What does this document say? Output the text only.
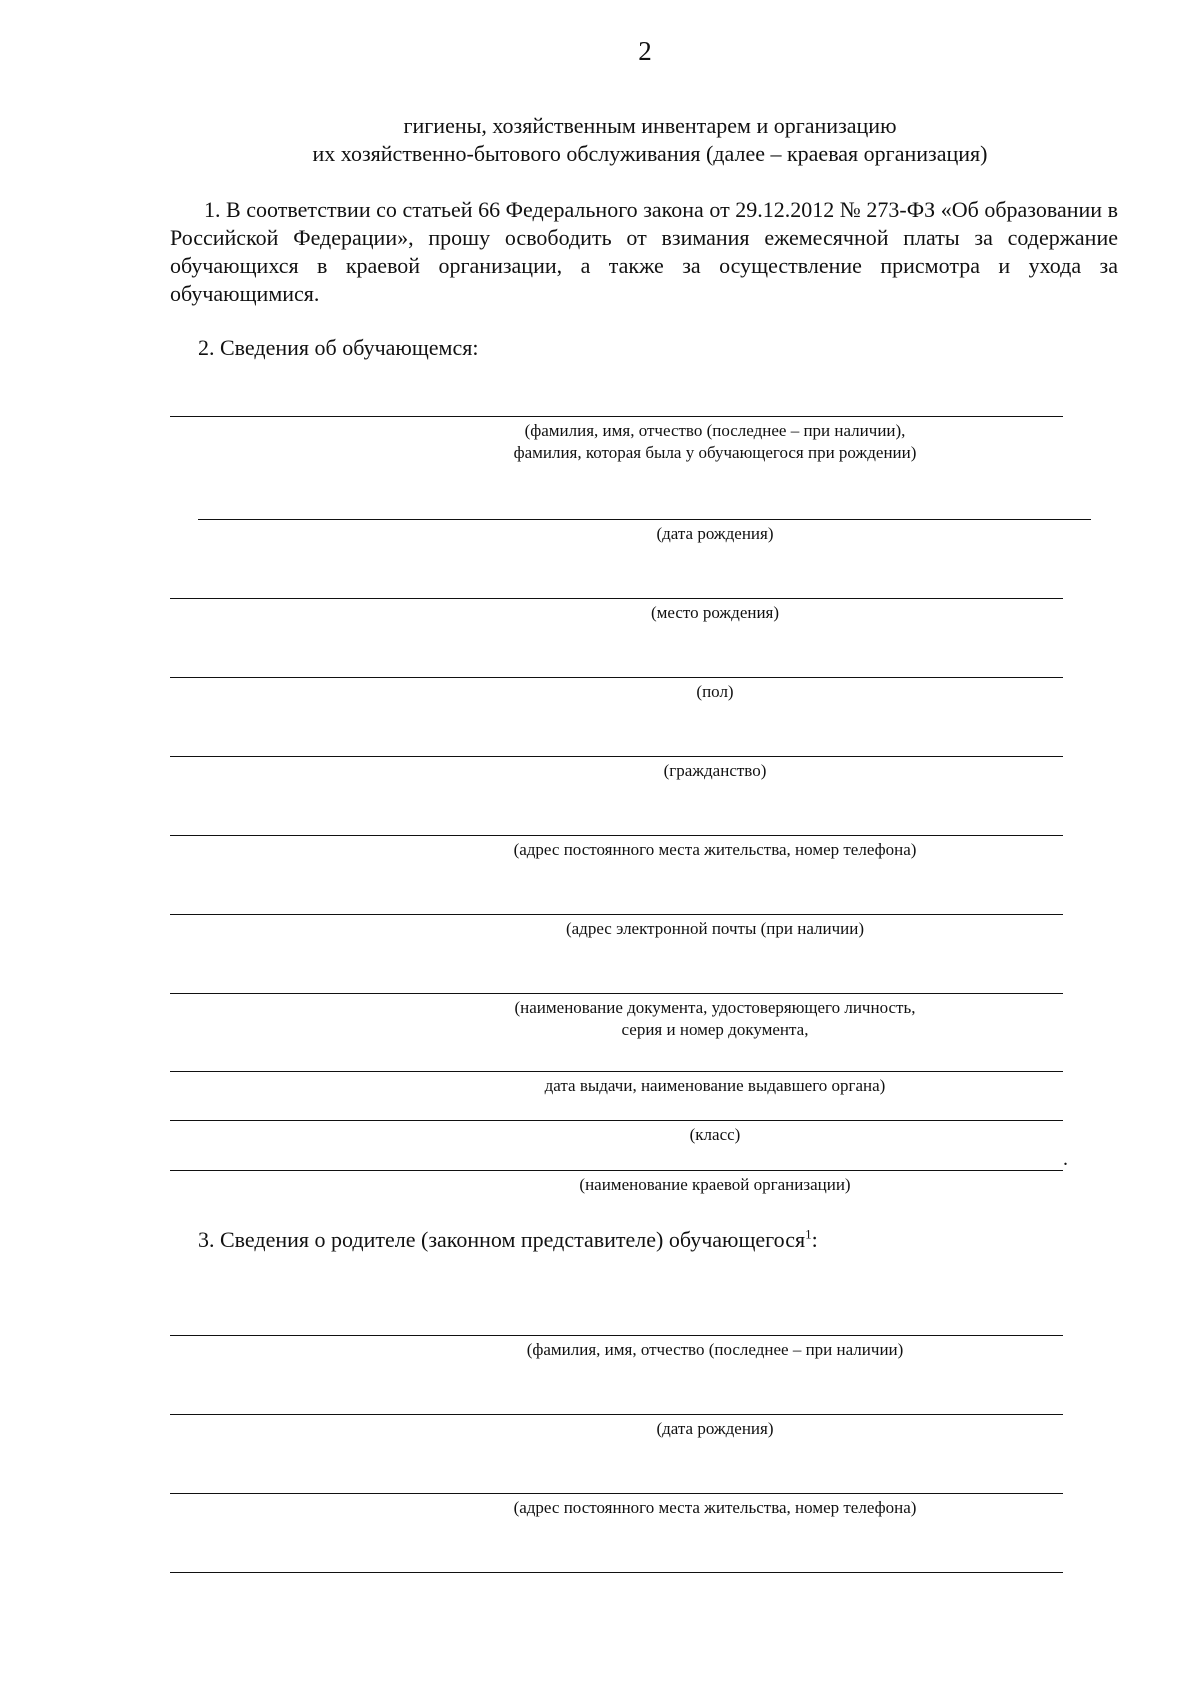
2
гигиены, хозяйственным инвентарем и организацию
их хозяйственно-бытового обслуживания (далее – краевая организация)
1. В соответствии со статьей 66 Федерального закона от 29.12.2012 № 273-ФЗ «Об образовании в Российской Федерации», прошу освободить от взимания ежемесячной платы за содержание обучающихся в краевой организации, а также за осуществление присмотра и ухода за обучающимися.
2. Сведения об обучающемся:
(фамилия, имя, отчество (последнее – при наличии),
фамилия, которая была у обучающегося при рождении)
(дата рождения)
(место рождения)
(пол)
(гражданство)
(адрес постоянного места жительства, номер телефона)
(адрес электронной почты (при наличии)
(наименование документа, удостоверяющего личность,
серия и номер документа,
дата выдачи, наименование выдавшего органа)
(класс)
.
(наименование краевой организации)
3. Сведения о родителе (законном представителе) обучающегося$^1$:
(фамилия, имя, отчество (последнее – при наличии)
(дата рождения)
(адрес постоянного места жительства, номер телефона)
